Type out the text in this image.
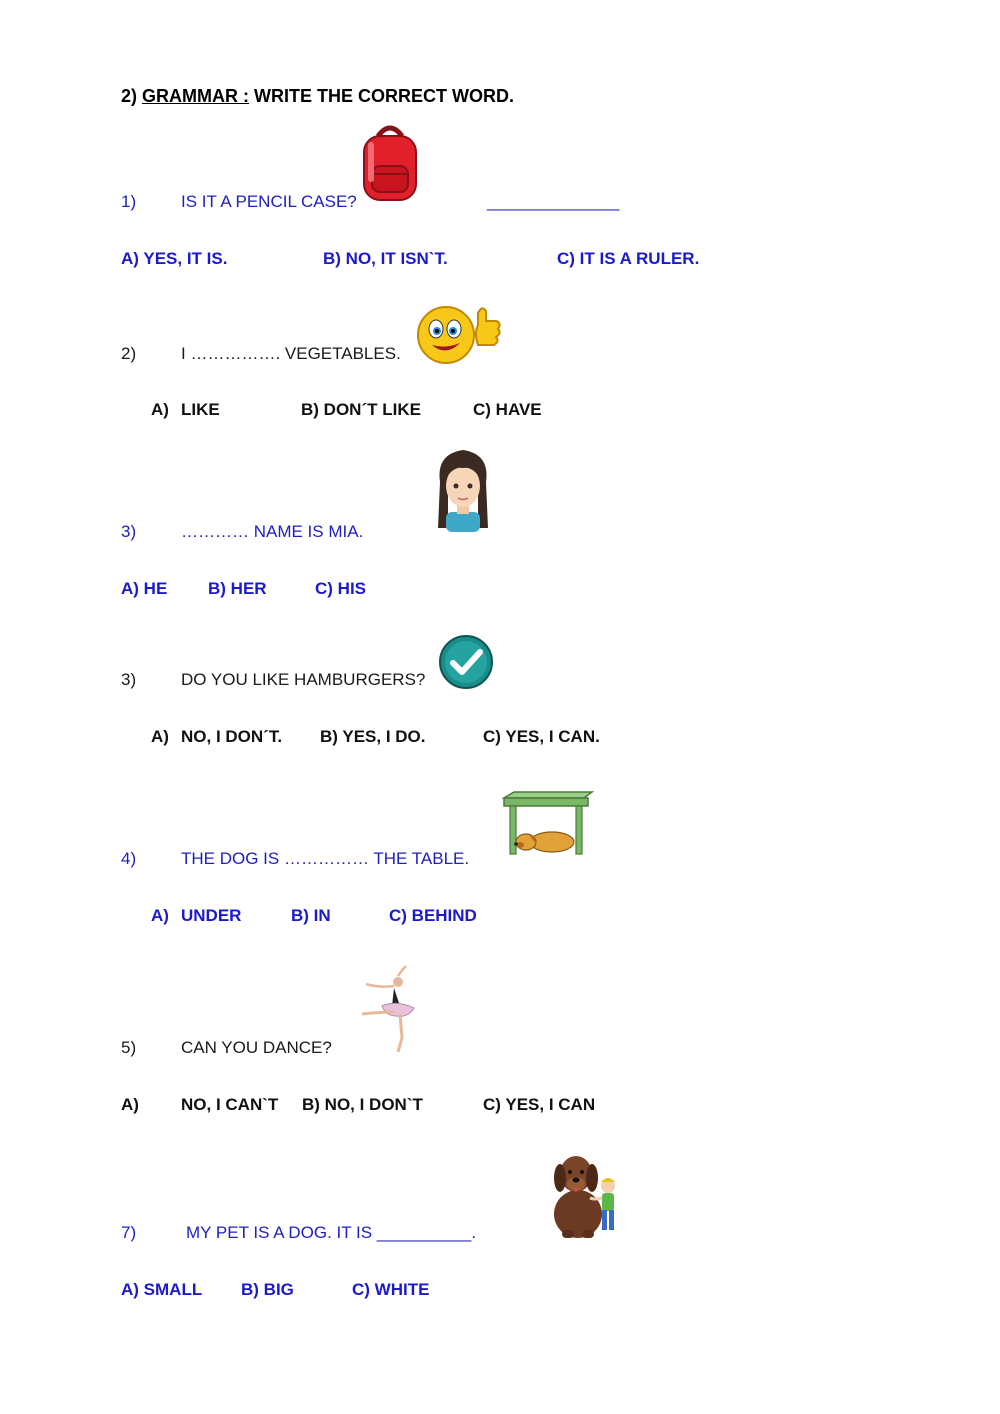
2) GRAMMAR : WRITE THE CORRECT WORD.
1)	IS IT A PENCIL CASE?	______________
A) YES, IT IS.	B) NO, IT ISN`T.	C) IT IS A RULER.
2)	I ……………. VEGETABLES.
A) LIKE	B) DON´T LIKE	C) HAVE
3)	………… NAME IS MIA.
A) HE B) HER	C) HIS
3)	DO YOU LIKE HAMBURGERS?
A) NO, I DON´T. B) YES, I DO.	C) YES, I CAN.
4)	THE DOG IS …………… THE TABLE.
A) UNDER	B) IN	C) BEHIND
5)	CAN YOU DANCE?
A) NO, I CAN`T B) NO, I DON`T	C) YES, I CAN
7)	MY PET IS A DOG. IT IS __________.
A) SMALL B) BIG	C) WHITE
